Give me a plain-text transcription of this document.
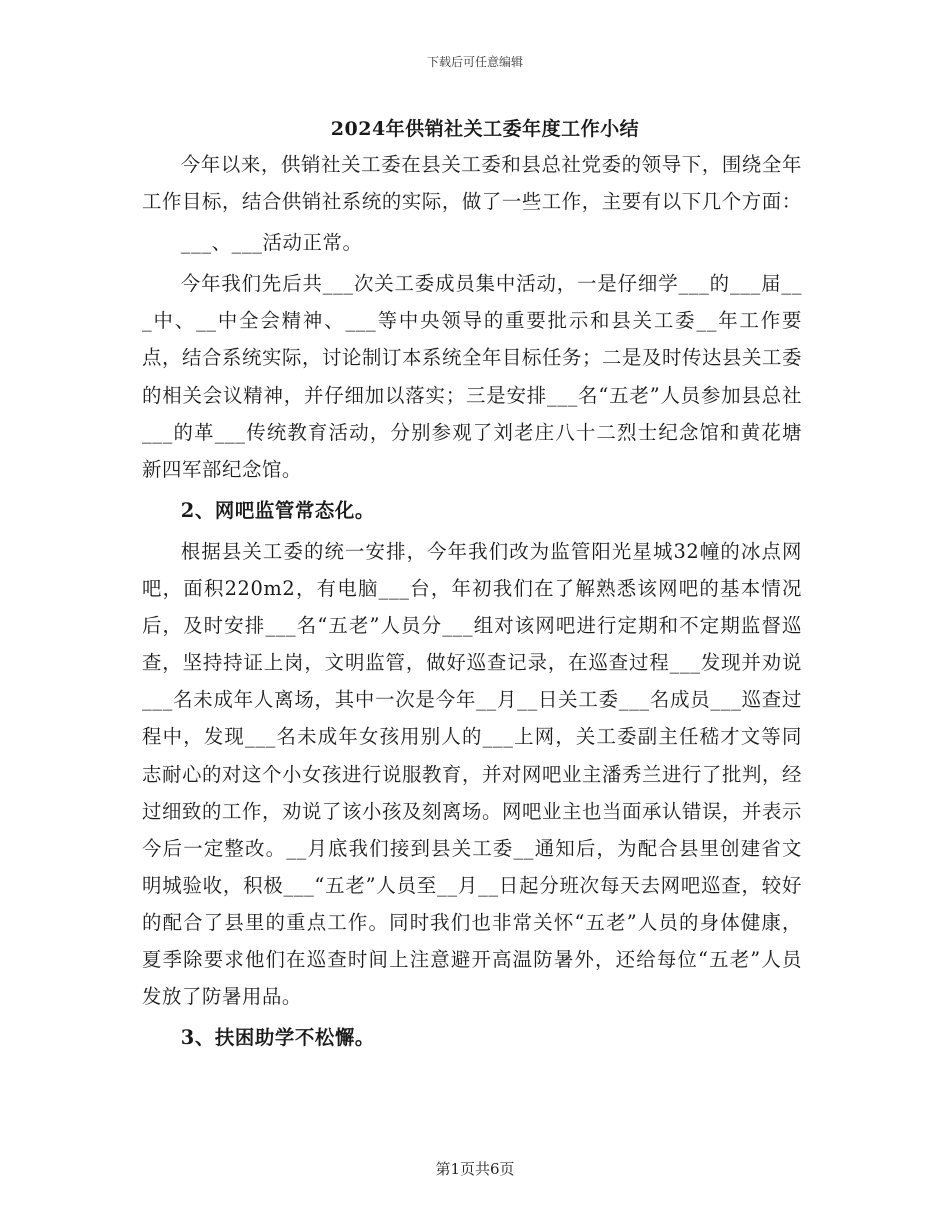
下载后可任意编辑
2024年供销社关工委年度工作小结

今年以来，供销社关工委在县关工委和县总社党委的领导下，围绕全年工作目标，结合供销社系统的实际，做了一些工作，主要有以下几个方面：

___、___活动正常。

今年我们先后共___次关工委成员集中活动，一是仔细学___的___届___中、__中全会精神、___等中央领导的重要批示和县关工委__年工作要点，结合系统实际，讨论制订本系统全年目标任务；二是及时传达县关工委的相关会议精神，并仔细加以落实；三是安排___名“五老”人员参加县总社___的革___传统教育活动，分别参观了刘老庄八十二烈士纪念馆和黄花塘新四军部纪念馆。

2、网吧监管常态化。

根据县关工委的统一安排，今年我们改为监管阳光星城32幢的冰点网吧，面积220m2，有电脑___台，年初我们在了解熟悉该网吧的基本情况后，及时安排___名“五老”人员分___组对该网吧进行定期和不定期监督巡查，坚持持证上岗，文明监管，做好巡查记录，在巡查过程___发现并劝说___名未成年人离场，其中一次是今年__月__日关工委___名成员___巡查过程中，发现___名未成年女孩用别人的___上网，关工委副主任嵇才文等同志耐心的对这个小女孩进行说服教育，并对网吧业主潘秀兰进行了批判，经过细致的工作，劝说了该小孩及刻离场。网吧业主也当面承认错误，并表示今后一定整改。__月底我们接到县关工委__通知后，为配合县里创建省文明城验收，积极___“五老”人员至__月__日起分班次每天去网吧巡查，较好的配合了县里的重点工作。同时我们也非常关怀“五老”人员的身体健康，夏季除要求他们在巡查时间上注意避开高温防暑外，还给每位“五老”人员发放了防暑用品。

3、扶困助学不松懈。

第1页共6页
